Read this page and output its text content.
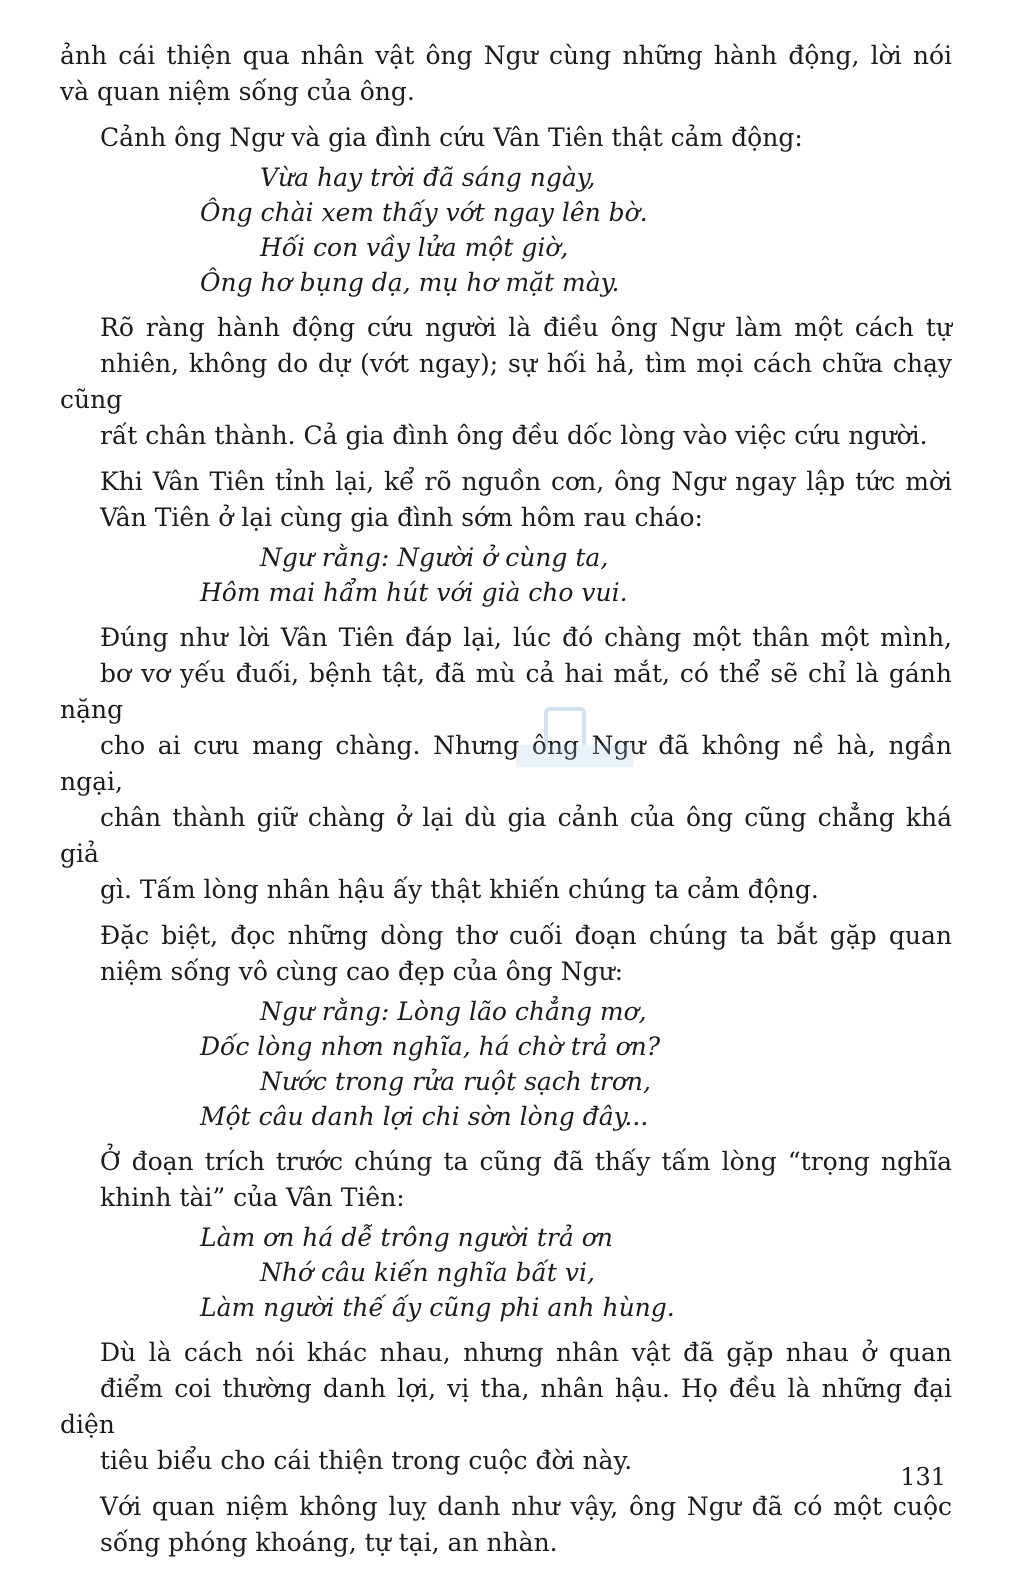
ảnh cái thiện qua nhân vật ông Ngư cùng những hành động, lời nói
và quan niệm sống của ông.

Cảnh ông Ngư và gia đình cứu Vân Tiên thật cảm động:

Vừa hay trời đã sáng ngày,
Ông chài xem thấy vớt ngay lên bờ.
Hối con vầy lửa một giờ,
Ông hơ bụng dạ, mụ hơ mặt mày.

Rõ ràng hành động cứu người là điều ông Ngư làm một cách tự
nhiên, không do dự (vớt ngay); sự hối hả, tìm mọi cách chữa chạy cũng
rất chân thành. Cả gia đình ông đều dốc lòng vào việc cứu người.

Khi Vân Tiên tỉnh lại, kể rõ nguồn cơn, ông Ngư ngay lập tức mời
Vân Tiên ở lại cùng gia đình sớm hôm rau cháo:

Ngư rằng: Người ở cùng ta,
Hôm mai hẩm hút với già cho vui.

Đúng như lời Vân Tiên đáp lại, lúc đó chàng một thân một mình,
bơ vơ yếu đuối, bệnh tật, đã mù cả hai mắt, có thể sẽ chỉ là gánh nặng
cho ai cưu mang chàng. Nhưng ông Ngư đã không nề hà, ngần ngại,
chân thành giữ chàng ở lại dù gia cảnh của ông cũng chẳng khá giả
gì. Tấm lòng nhân hậu ấy thật khiến chúng ta cảm động.

Đặc biệt, đọc những dòng thơ cuối đoạn chúng ta bắt gặp quan
niệm sống vô cùng cao đẹp của ông Ngư:

Ngư rằng: Lòng lão chẳng mơ,
Dốc lòng nhơn nghĩa, há chờ trả ơn?
Nước trong rửa ruột sạch trơn,
Một câu danh lợi chi sờn lòng đây...

Ở đoạn trích trước chúng ta cũng đã thấy tấm lòng “trọng nghĩa
khinh tài” của Vân Tiên:

Làm ơn há dễ trông người trả ơn
Nhớ câu kiến nghĩa bất vi,
Làm người thế ấy cũng phi anh hùng.

Dù là cách nói khác nhau, nhưng nhân vật đã gặp nhau ở quan
điểm coi thường danh lợi, vị tha, nhân hậu. Họ đều là những đại diện
tiêu biểu cho cái thiện trong cuộc đời này.

Với quan niệm không luỵ danh như vậy, ông Ngư đã có một cuộc
sống phóng khoáng, tự tại, an nhàn.

131
